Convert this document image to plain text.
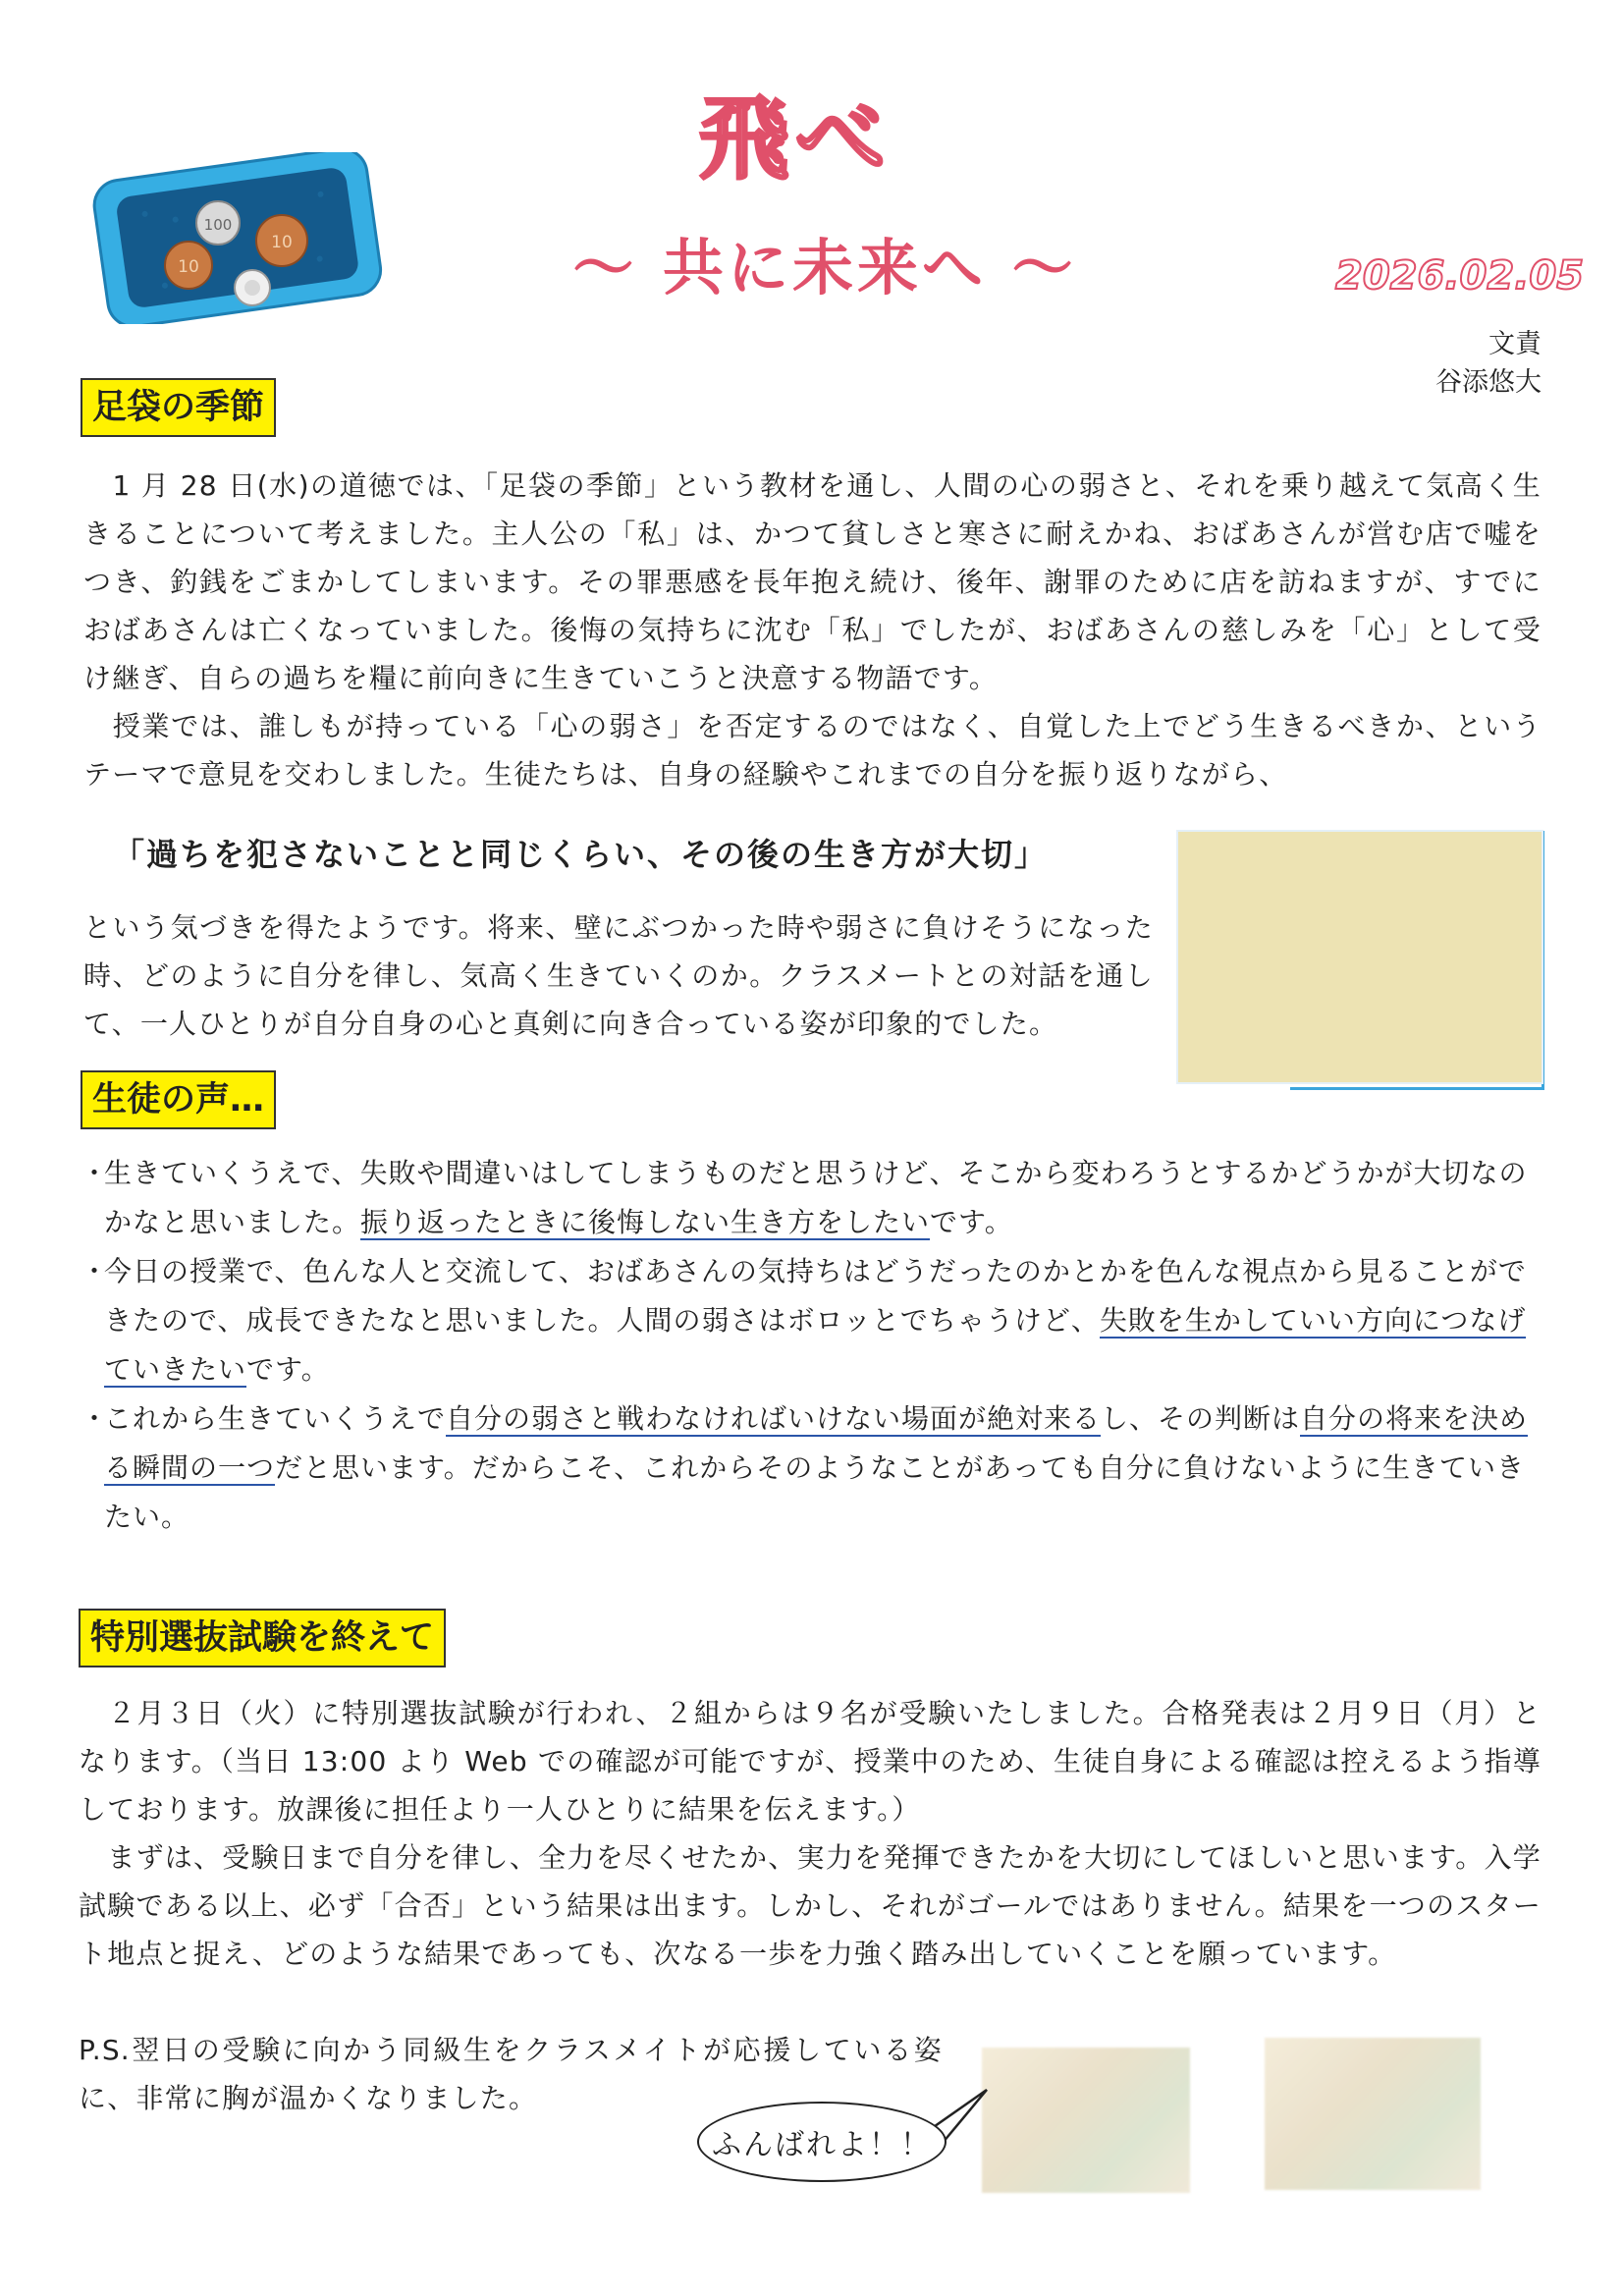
100
10
10
飛べ
～ 共に未来へ ～	2026.02.05
文責谷添悠大
足袋の季節
　1 月 28 日(水)の道徳では、「足袋の季節」という教材を通し、人間の心の弱さと、それを乗り越えて気高く生きることについて考えました。主人公の「私」は、かつて貧しさと寒さに耐えかね、おばあさんが営む店で嘘をつき、釣銭をごまかしてしまいます。その罪悪感を長年抱え続け、後年、謝罪のために店を訪ねますが、すでにおばあさんは亡くなっていました。後悔の気持ちに沈む「私」でしたが、おばあさんの慈しみを「心」として受け継ぎ、自らの過ちを糧に前向きに生きていこうと決意する物語です。
　授業では、誰しもが持っている「心の弱さ」を否定するのではなく、自覚した上でどう生きるべきか、というテーマで意見を交わしました。生徒たちは、自身の経験やこれまでの自分を振り返りながら、
「過ちを犯さないことと同じくらい、その後の生き方が大切」
という気づきを得たようです。将来、壁にぶつかった時や弱さに負けそうになった時、どのように自分を律し、気高く生きていくのか。クラスメートとの対話を通して、一人ひとりが自分自身の心と真剣に向き合っている姿が印象的でした。
生徒の声…
・
生きていくうえで、失敗や間違いはしてしまうものだと思うけど、そこから変わろうとするかどうかが大切なのかなと思いました。振り返ったときに後悔しない生き方をしたいです。
・
今日の授業で、色んな人と交流して、おばあさんの気持ちはどうだったのかとかを色んな視点から見ることができたので、成長できたなと思いました。人間の弱さはボロッとでちゃうけど、失敗を生かしていい方向につなげていきたいです。
・
これから生きていくうえで自分の弱さと戦わなければいけない場面が絶対来るし、その判断は自分の将来を決める瞬間の一つだと思います。だからこそ、これからそのようなことがあっても自分に負けないように生きていきたい。
特別選抜試験を終えて
　２月３日（火）に特別選抜試験が行われ、２組からは９名が受験いたしました。合格発表は２月９日（月）となります。（当日 13:00 より Web での確認が可能ですが、授業中のため、生徒自身による確認は控えるよう指導しております。放課後に担任より一人ひとりに結果を伝えます。）
　まずは、受験日まで自分を律し、全力を尽くせたか、実力を発揮できたかを大切にしてほしいと思います。入学試験である以上、必ず「合否」という結果は出ます。しかし、それがゴールではありません。結果を一つのスタート地点と捉え、どのような結果であっても、次なる一歩を力強く踏み出していくことを願っています。
P.S.翌日の受験に向かう同級生をクラスメイトが応援している姿に、非常に胸が温かくなりました。
ふんばれよ！！
